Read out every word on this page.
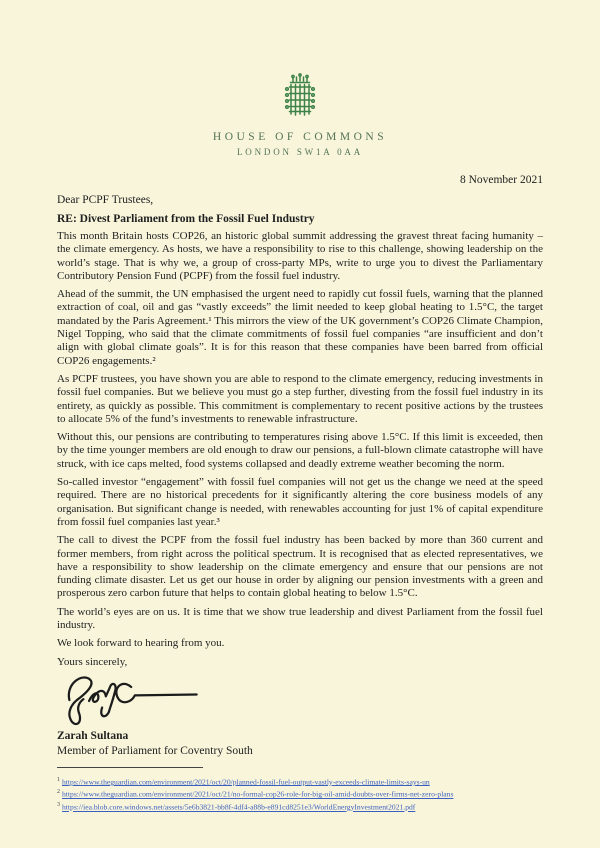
HOUSE OF COMMONS
LONDON SW1A 0AA
8 November 2021

Dear PCPF Trustees,

RE: Divest Parliament from the Fossil Fuel Industry

This month Britain hosts COP26, an historic global summit addressing the gravest threat facing humanity – the climate emergency. As hosts, we have a responsibility to rise to this challenge, showing leadership on the world’s stage. That is why we, a group of cross-party MPs, write to urge you to divest the Parliamentary Contributory Pension Fund (PCPF) from the fossil fuel industry.

Ahead of the summit, the UN emphasised the urgent need to rapidly cut fossil fuels, warning that the planned extraction of coal, oil and gas “vastly exceeds” the limit needed to keep global heating to 1.5°C, the target mandated by the Paris Agreement.¹ This mirrors the view of the UK government’s COP26 Climate Champion, Nigel Topping, who said that the climate commitments of fossil fuel companies “are insufficient and don’t align with global climate goals”. It is for this reason that these companies have been barred from official COP26 engagements.²

As PCPF trustees, you have shown you are able to respond to the climate emergency, reducing investments in fossil fuel companies. But we believe you must go a step further, divesting from the fossil fuel industry in its entirety, as quickly as possible. This commitment is complementary to recent positive actions by the trustees to allocate 5% of the fund’s investments to renewable infrastructure.

Without this, our pensions are contributing to temperatures rising above 1.5°C. If this limit is exceeded, then by the time younger members are old enough to draw our pensions, a full-blown climate catastrophe will have struck, with ice caps melted, food systems collapsed and deadly extreme weather becoming the norm.

So-called investor “engagement” with fossil fuel companies will not get us the change we need at the speed required. There are no historical precedents for it significantly altering the core business models of any organisation. But significant change is needed, with renewables accounting for just 1% of capital expenditure from fossil fuel companies last year.³

The call to divest the PCPF from the fossil fuel industry has been backed by more than 360 current and former members, from right across the political spectrum. It is recognised that as elected representatives, we have a responsibility to show leadership on the climate emergency and ensure that our pensions are not funding climate disaster. Let us get our house in order by aligning our pension investments with a green and prosperous zero carbon future that helps to contain global heating to below 1.5°C.

The world’s eyes are on us. It is time that we show true leadership and divest Parliament from the fossil fuel industry.

We look forward to hearing from you.

Yours sincerely,

Zarah Sultana

Member of Parliament for Coventry South

$^1$ https://www.theguardian.com/environment/2021/oct/20/planned-fossil-fuel-output-vastly-exceeds-climate-limits-says-un
$^2$ https://www.theguardian.com/environment/2021/oct/21/no-formal-cop26-role-for-big-oil-amid-doubts-over-firms-net-zero-plans
$^3$ https://iea.blob.core.windows.net/assets/5e6b3821-bb8f-4df4-a88b-e891cd8251e3/WorldEnergyInvestment2021.pdf
